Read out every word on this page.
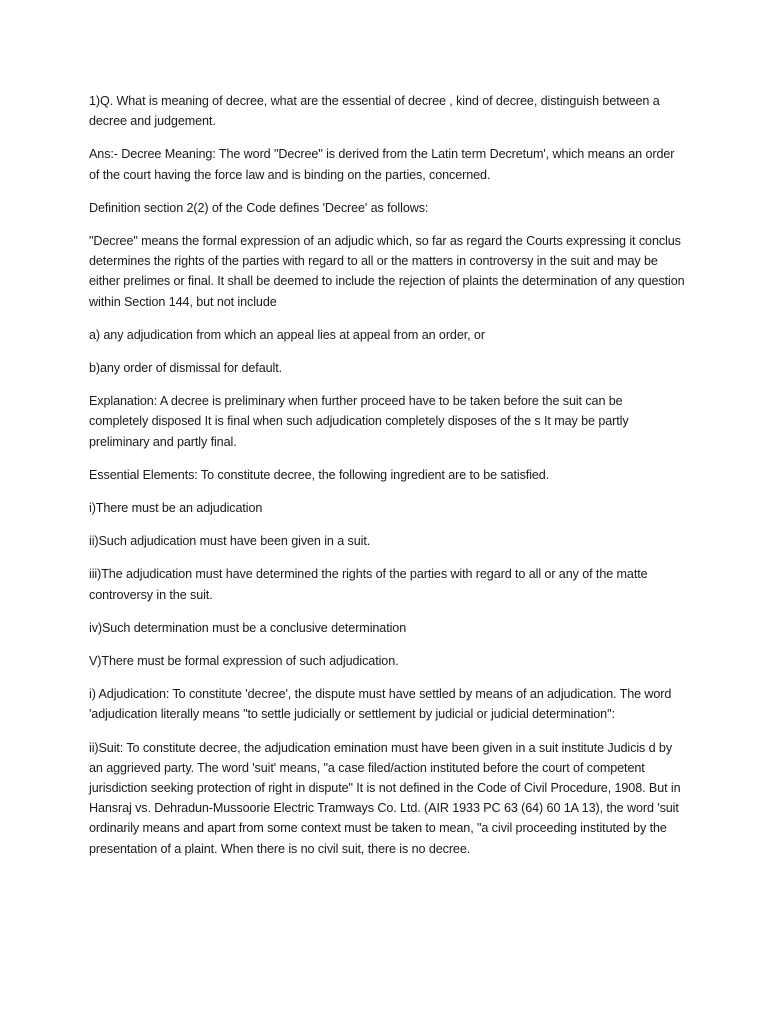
1)Q. What is meaning of decree, what are the essential of decree , kind of decree, distinguish between a decree and judgement.

Ans:- Decree Meaning: The word "Decree" is derived from the Latin term Decretum', which means an order of the court having the force law and is binding on the parties, concerned.

Definition section 2(2) of the Code defines 'Decree' as follows:

"Decree" means the formal expression of an adjudic which, so far as regard the Courts expressing it conclus determines the rights of the parties with regard to all or the matters in controversy in the suit and may be either prelimes or final. It shall be deemed to include the rejection of plaints the determination of any question within Section 144, but not include

a) any adjudication from which an appeal lies at appeal from an order, or

b)any order of dismissal for default.

Explanation: A decree is preliminary when further proceed have to be taken before the suit can be completely disposed It is final when such adjudication completely disposes of the s It may be partly preliminary and partly final.

Essential Elements: To constitute decree, the following ingredient are to be satisfied.

i)There must be an adjudication

ii)Such adjudication must have been given in a suit.

iii)The adjudication must have determined the rights of the parties with regard to all or any of the matte controversy in the suit.

iv)Such determination must be a conclusive determination

V)There must be formal expression of such adjudication.

i) Adjudication: To constitute 'decree', the dispute must have settled by means of an adjudication. The word 'adjudication literally means "to settle judicially or settlement by judicial or judicial determination":

ii)Suit: To constitute decree, the adjudication emination must have been given in a suit institute Judicis d by an aggrieved party. The word 'suit' means, "a case filed/action instituted before the court of competent jurisdiction seeking protection of right in dispute" It is not defined in the Code of Civil Procedure, 1908. But in Hansraj vs. Dehradun-Mussoorie Electric Tramways Co. Ltd. (AIR 1933 PC 63 (64) 60 1A 13), the word 'suit ordinarily means and apart from some context must be taken to mean, "a civil proceeding instituted by the presentation of a plaint. When there is no civil suit, there is no decree.
